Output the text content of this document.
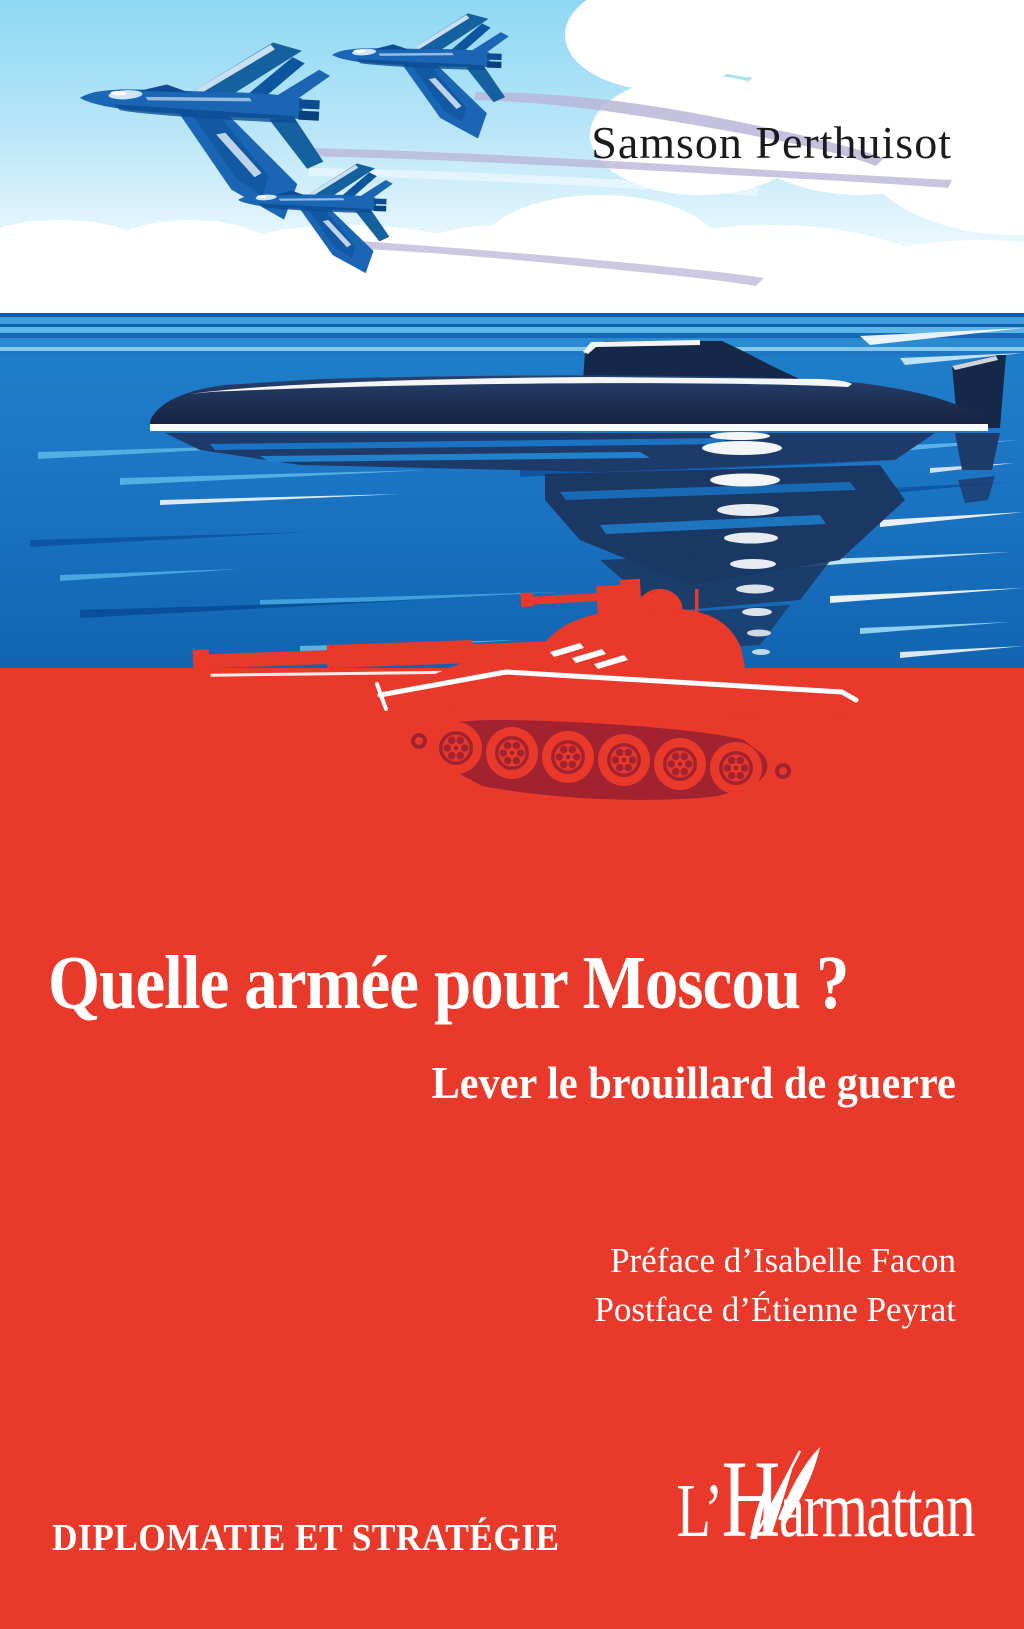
Samson Perthuisot
Quelle armée pour Moscou ?
Lever le brouillard de guerre
Préface d’Isabelle Facon
Postface d’Étienne Peyrat
DIPLOMATIE ET STRATÉGIE L’ H armattan
